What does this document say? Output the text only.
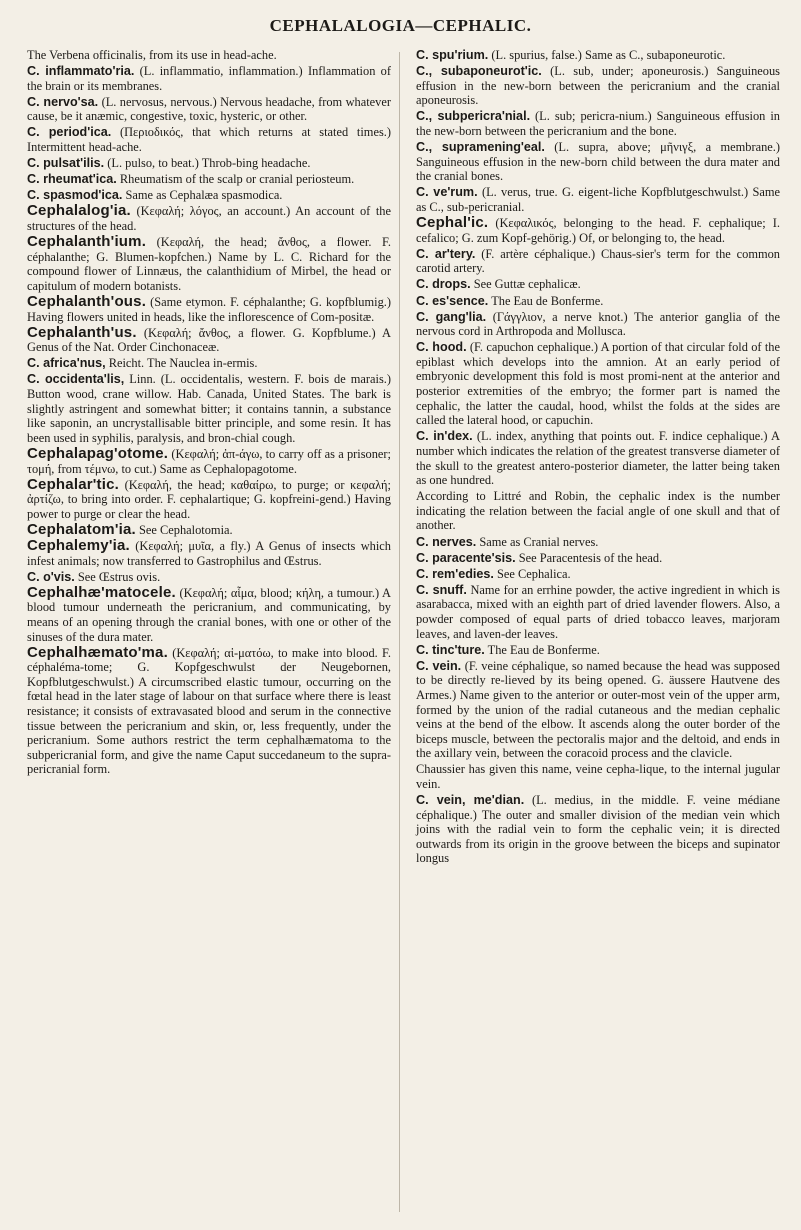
CEPHALALOGIA—CEPHALIC.

The Verbena officinalis, from its use in head-ache.

C. inflammato'ria. (L. inflammatio, inflammation.) Inflammation of the brain or its membranes.

C. nervo'sa. (L. nervosus, nervous.) Nervous headache, from whatever cause, be it anæmic, congestive, toxic, hysteric, or other.

C. period'ica. (Περιοδικός, that which returns at stated times.) Intermittent head-ache.

C. pulsat'ilis. (L. pulso, to beat.) Throb-bing headache.

C. rheumat'ica. Rheumatism of the scalp or cranial periosteum.

C. spasmod'ica. Same as Cephalæa spasmodica.

Cephalalog'ia. (Κεφαλή; λόγος, an account.) An account of the structures of the head.

Cephalanth'ium. (Κεφαλή, the head; ἄνθος, a flower. F. céphalanthe; G. Blumen-kopfchen.) Name by L. C. Richard for the compound flower of Linnæus, the calanthidium of Mirbel, the head or capitulum of modern botanists.

Cephalanth'ous. (Same etymon. F. céphalanthe; G. kopfblumig.) Having flowers united in heads, like the inflorescence of Com-positæ.

Cephalanth'us. (Κεφαλή; ἄνθος, a flower. G. Kopfblume.) A Genus of the Nat. Order Cinchonaceæ.

C. africa'nus, Reicht. The Nauclea in-ermis.

C. occidenta'lis, Linn. (L. occidentalis, western. F. bois de marais.) Button wood, crane willow. Hab. Canada, United States. The bark is slightly astringent and somewhat bitter; it contains tannin, a substance like saponin, an uncrystallisable bitter principle, and some resin. It has been used in syphilis, paralysis, and bron-chial cough.

Cephalapag'otome. (Κεφαλή; ἀπ-άγω, to carry off as a prisoner; τομή, from τέμνω, to cut.) Same as Cephalopagotome.

Cephalar'tic. (Κεφαλή, the head; καθαίρω, to purge; or κεφαλή; ἀρτίζω, to bring into order. F. cephalartique; G. kopfreini-gend.) Having power to purge or clear the head.

Cephalatom'ia. See Cephalotomia.

Cephalemy'ia. (Κεφαλή; μυῖα, a fly.) A Genus of insects which infest animals; now transferred to Gastrophilus and Œstrus.

C. o'vis. See Œstrus ovis.

Cephalhæ'matocele. (Κεφαλή; αἷμα, blood; κήλη, a tumour.) A blood tumour underneath the pericranium, and communicating, by means of an opening through the cranial bones, with one or other of the sinuses of the dura mater.

Cephalhæmato'ma. (Κεφαλή; αἱ-ματόω, to make into blood. F. céphaléma-tome; G. Kopfgeschwulst der Neugebornen, Kopfblutgeschwulst.) A circumscribed elastic tumour, occurring on the fœtal head in the later stage of labour on that surface where there is least resistance; it consists of extravasated blood and serum in the connective tissue between the pericranium and skin, or, less frequently, under the pericranium. Some authors restrict the term cephalhæmatoma to the subpericranial form, and give the name Caput succedaneum to the supra-pericranial form.

C. spu'rium. (L. spurius, false.) Same as C., subaponeurotic.

C., subaponeurot'ic. (L. sub, under; aponeurosis.) Sanguineous effusion in the new-born between the pericranium and the cranial aponeurosis.

C., subpericra'nial. (L. sub; pericra-nium.) Sanguineous effusion in the new-born between the pericranium and the bone.

C., supramening'eal. (L. supra, above; μῆνιγξ, a membrane.) Sanguineous effusion in the new-born child between the dura mater and the cranial bones.

C. ve'rum. (L. verus, true. G. eigent-liche Kopfblutgeschwulst.) Same as C., sub-pericranial.

Cephal'ic. (Κεφαλικός, belonging to the head. F. cephalique; I. cefalico; G. zum Kopf-gehörig.) Of, or belonging to, the head.

C. ar'tery. (F. artère céphalique.) Chaus-sier's term for the common carotid artery.

C. drops. See Guttæ cephalicæ.

C. es'sence. The Eau de Bonferme.

C. gang'lia. (Γάγγλιον, a nerve knot.) The anterior ganglia of the nervous cord in Arthropoda and Mollusca.

C. hood. (F. capuchon cephalique.) A portion of that circular fold of the epiblast which develops into the amnion. At an early period of embryonic development this fold is most promi-nent at the anterior and posterior extremities of the embryo; the former part is named the cephalic, the latter the caudal, hood, whilst the folds at the sides are called the lateral hood, or capuchin.

C. in'dex. (L. index, anything that points out. F. indice cephalique.) A number which indicates the relation of the greatest transverse diameter of the skull to the greatest antero-posterior diameter, the latter being taken as one hundred.

According to Littré and Robin, the cephalic index is the number indicating the relation between the facial angle of one skull and that of another.

C. nerves. Same as Cranial nerves.

C. paracente'sis. See Paracentesis of the head.

C. rem'edies. See Cephalica.

C. snuff. Name for an errhine powder, the active ingredient in which is asarabacca, mixed with an eighth part of dried lavender flowers. Also, a powder composed of equal parts of dried tobacco leaves, marjoram leaves, and laven-der leaves.

C. tinc'ture. The Eau de Bonferme.

C. vein. (F. veine céphalique, so named because the head was supposed to be directly re-lieved by its being opened. G. äussere Hautvene des Armes.) Name given to the anterior or outer-most vein of the upper arm, formed by the union of the radial cutaneous and the median cephalic veins at the bend of the elbow. It ascends along the outer border of the biceps muscle, between the pectoralis major and the deltoid, and ends in the axillary vein, between the coracoid process and the clavicle.

Chaussier has given this name, veine cepha-lique, to the internal jugular vein.

C. vein, me'dian. (L. medius, in the middle. F. veine médiane céphalique.) The outer and smaller division of the median vein which joins with the radial vein to form the cephalic vein; it is directed outwards from its origin in the groove between the biceps and supinator longus
